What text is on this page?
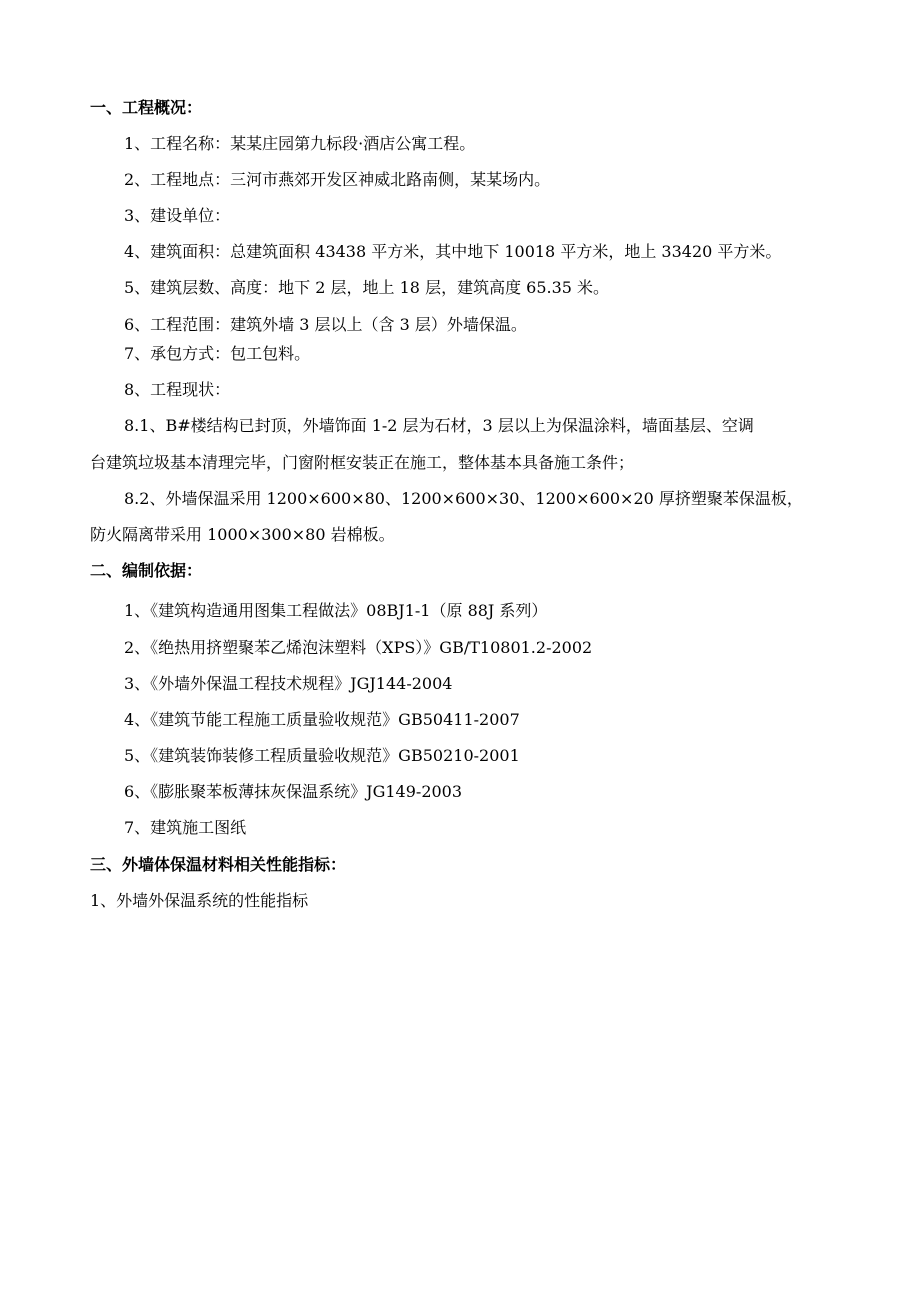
一、工程概况：
1、工程名称：某某庄园第九标段·酒店公寓工程。
2、工程地点：三河市燕郊开发区神威北路南侧，某某场内。
3、建设单位：
4、建筑面积：总建筑面积 43438 平方米，其中地下 10018 平方米，地上 33420 平方米。
5、建筑层数、高度：地下 2 层，地上 18 层，建筑高度 65.35 米。
6、工程范围：建筑外墙 3 层以上（含 3 层）外墙保温。
7、承包方式：包工包料。
8、工程现状：
8.1、B#楼结构已封顶，外墙饰面 1-2 层为石材，3 层以上为保温涂料，墙面基层、空调
台建筑垃圾基本清理完毕，门窗附框安装正在施工，整体基本具备施工条件；
8.2、外墙保温采用 1200×600×80、1200×600×30、1200×600×20 厚挤塑聚苯保温板，
防火隔离带采用 1000×300×80 岩棉板。
二、编制依据：
1、《建筑构造通用图集工程做法》08BJ1-1（原 88J 系列）
2、《绝热用挤塑聚苯乙烯泡沫塑料（XPS）》GB/T10801.2-2002
3、《外墙外保温工程技术规程》JGJ144-2004
4、《建筑节能工程施工质量验收规范》GB50411-2007
5、《建筑装饰装修工程质量验收规范》GB50210-2001
6、《膨胀聚苯板薄抹灰保温系统》JG149-2003
7、建筑施工图纸
三、外墙体保温材料相关性能指标：
1、外墙外保温系统的性能指标
